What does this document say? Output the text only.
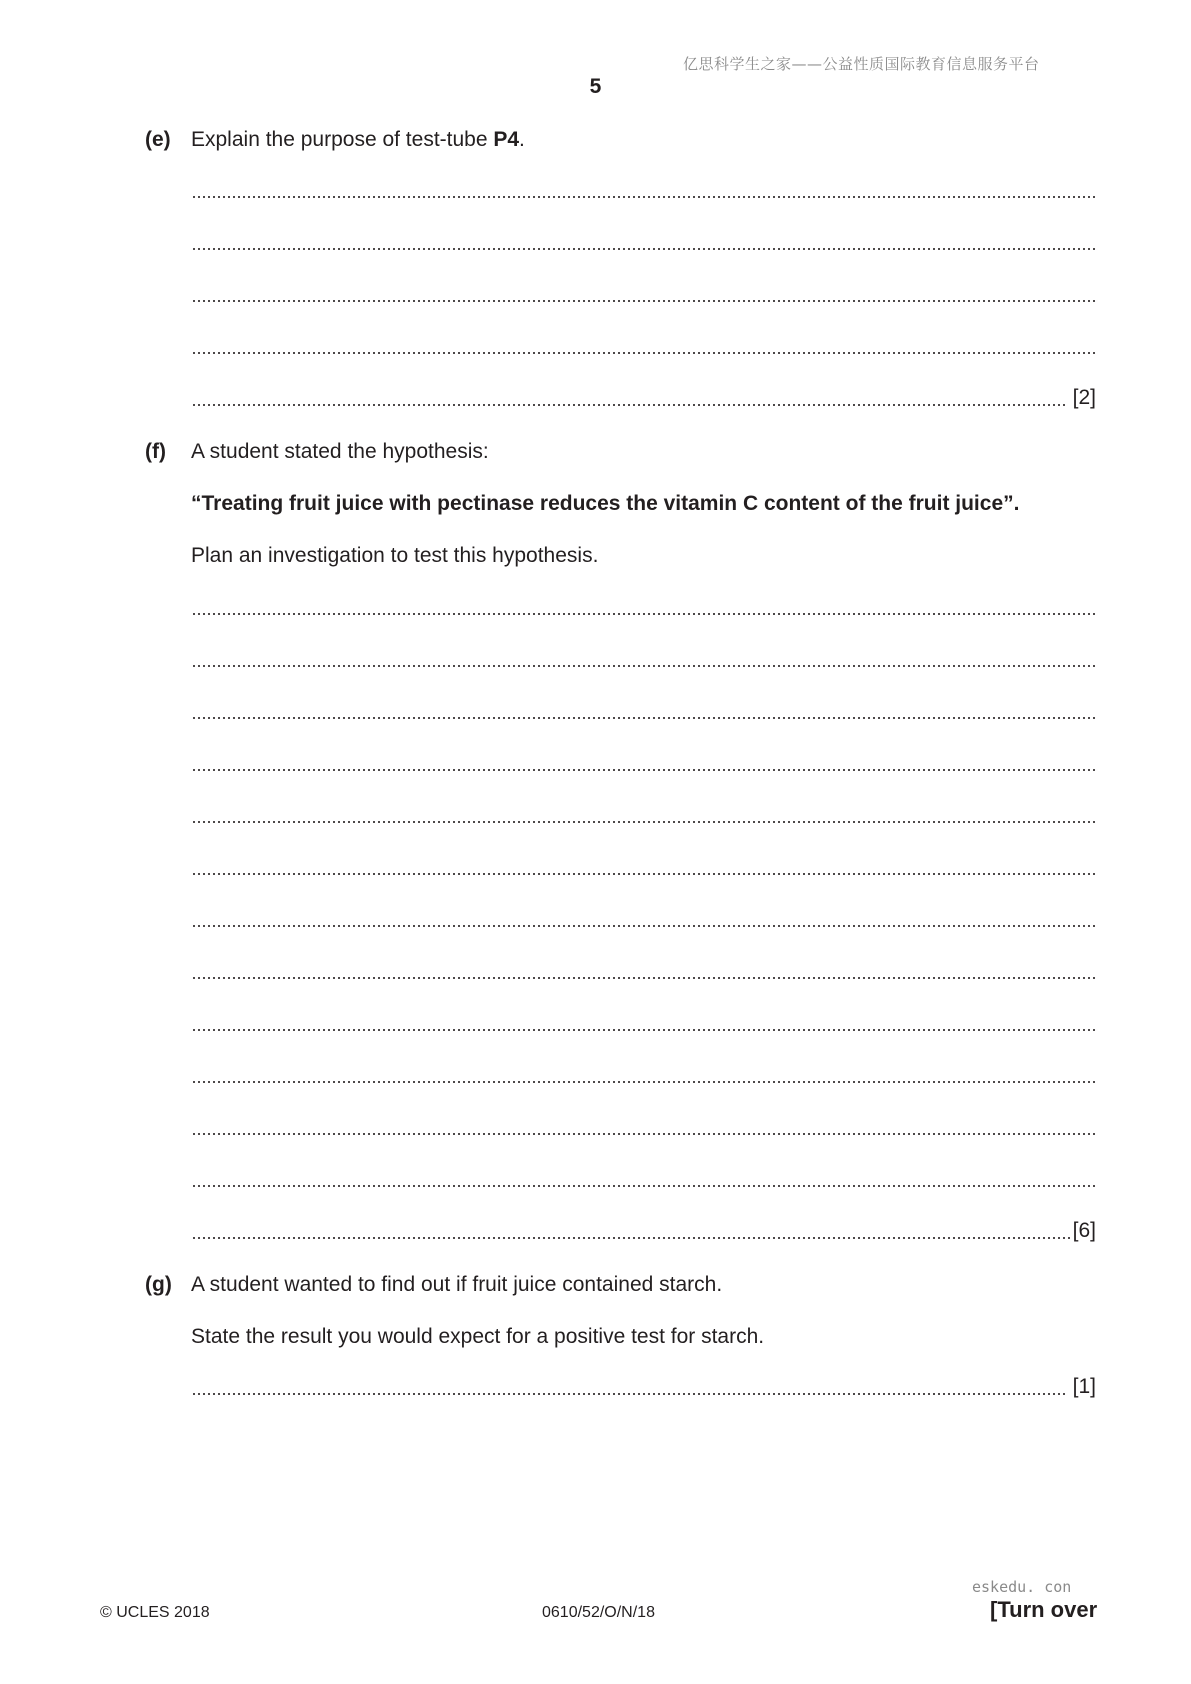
亿思科学生之家——公益性质国际教育信息服务平台
5
(e) Explain the purpose of test-tube P4.
[2]
(f) A student stated the hypothesis:
“Treating fruit juice with pectinase reduces the vitamin C content of the fruit juice”.
Plan an investigation to test this hypothesis.
[6]
(g) A student wanted to find out if fruit juice contained starch.
State the result you would expect for a positive test for starch.
[1]
eskedu. con
© UCLES 2018	0610/52/O/N/18	[Turn over
